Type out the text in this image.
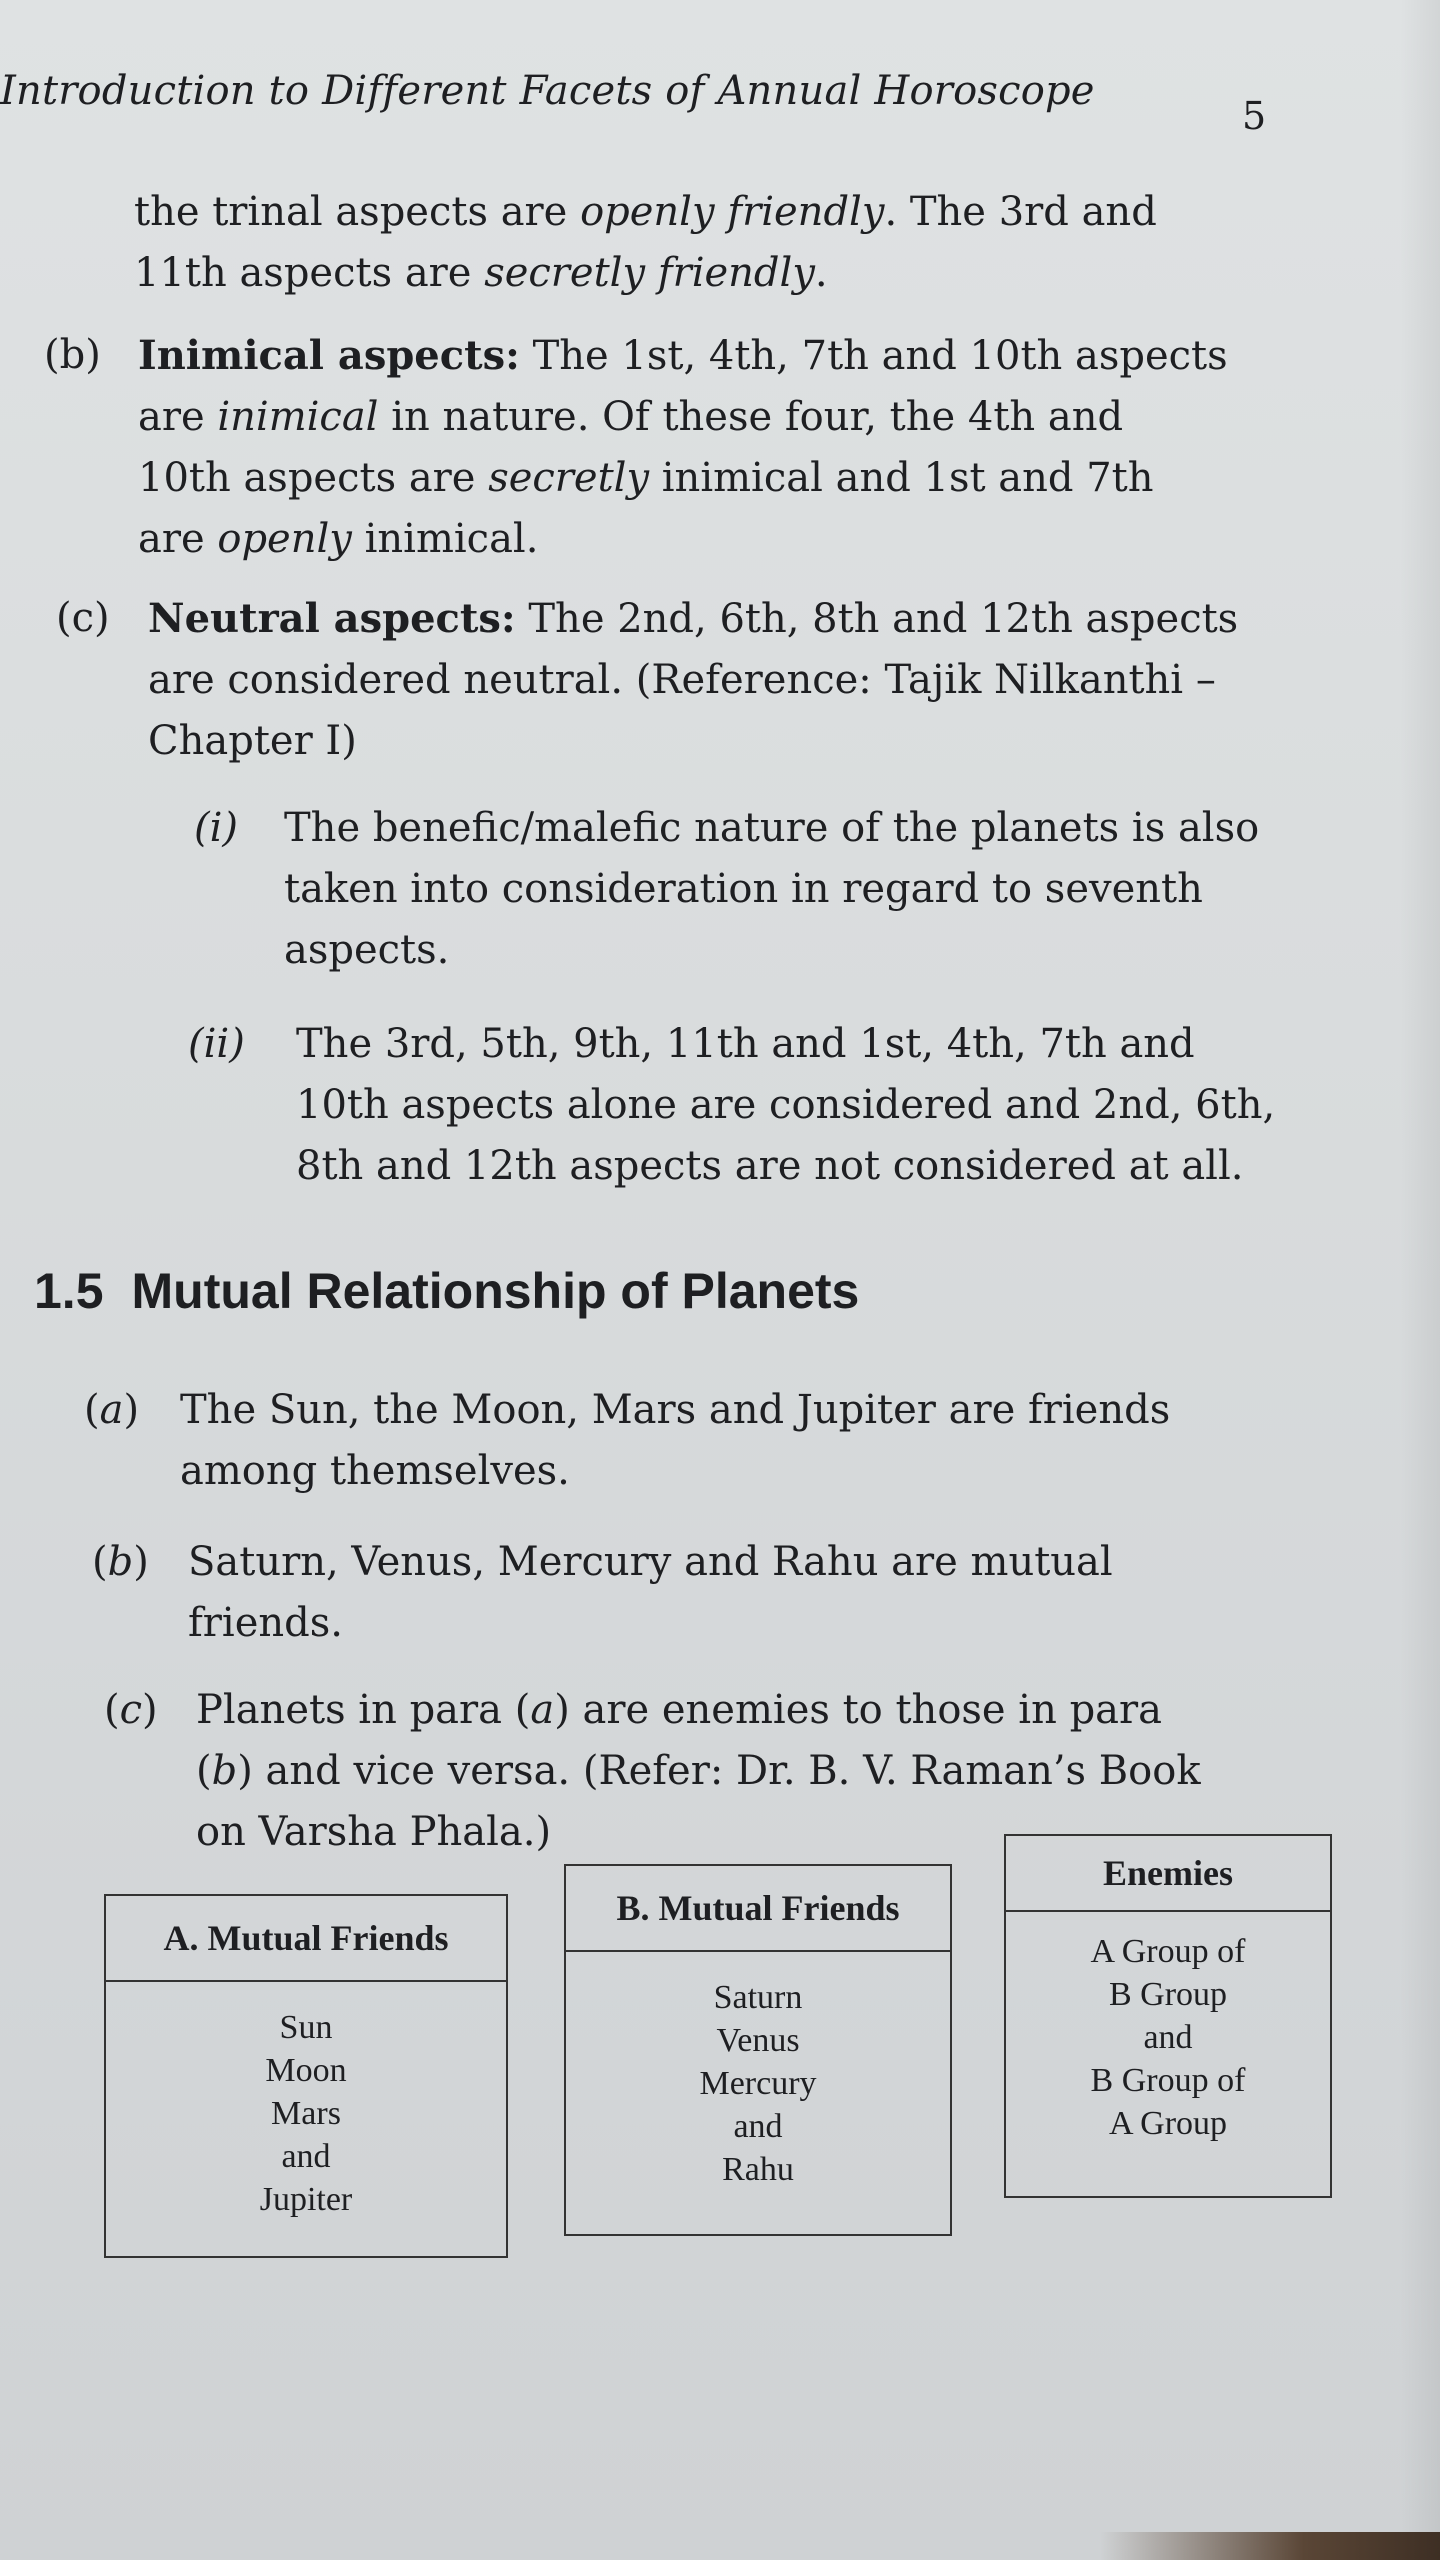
Introduction to Different Facets of Annual Horoscope
5
the trinal aspects are openly friendly. The 3rd and
11th aspects are secretly friendly.
(b) Inimical aspects: The 1st, 4th, 7th and 10th aspects
are inimical in nature. Of these four, the 4th and
10th aspects are secretly inimical and 1st and 7th
are openly inimical.
(c) Neutral aspects: The 2nd, 6th, 8th and 12th aspects
are considered neutral. (Reference: Tajik Nilkanthi –
Chapter I)
(i) The benefic/malefic nature of the planets is also
taken into consideration in regard to seventh
aspects.
(ii) The 3rd, 5th, 9th, 11th and 1st, 4th, 7th and
10th aspects alone are considered and 2nd, 6th,
8th and 12th aspects are not considered at all.
1.5 Mutual Relationship of Planets
(a) The Sun, the Moon, Mars and Jupiter are friends
among themselves.
(b) Saturn, Venus, Mercury and Rahu are mutual
friends.
(c) Planets in para (a) are enemies to those in para
(b) and vice versa. (Refer: Dr. B. V. Raman’s Book
on Varsha Phala.)
A. Mutual Friends
Sun
Moon
Mars
and
Jupiter
B. Mutual Friends
Saturn
Venus
Mercury
and
Rahu
Enemies
A Group of
B Group
and
B Group of
A Group
